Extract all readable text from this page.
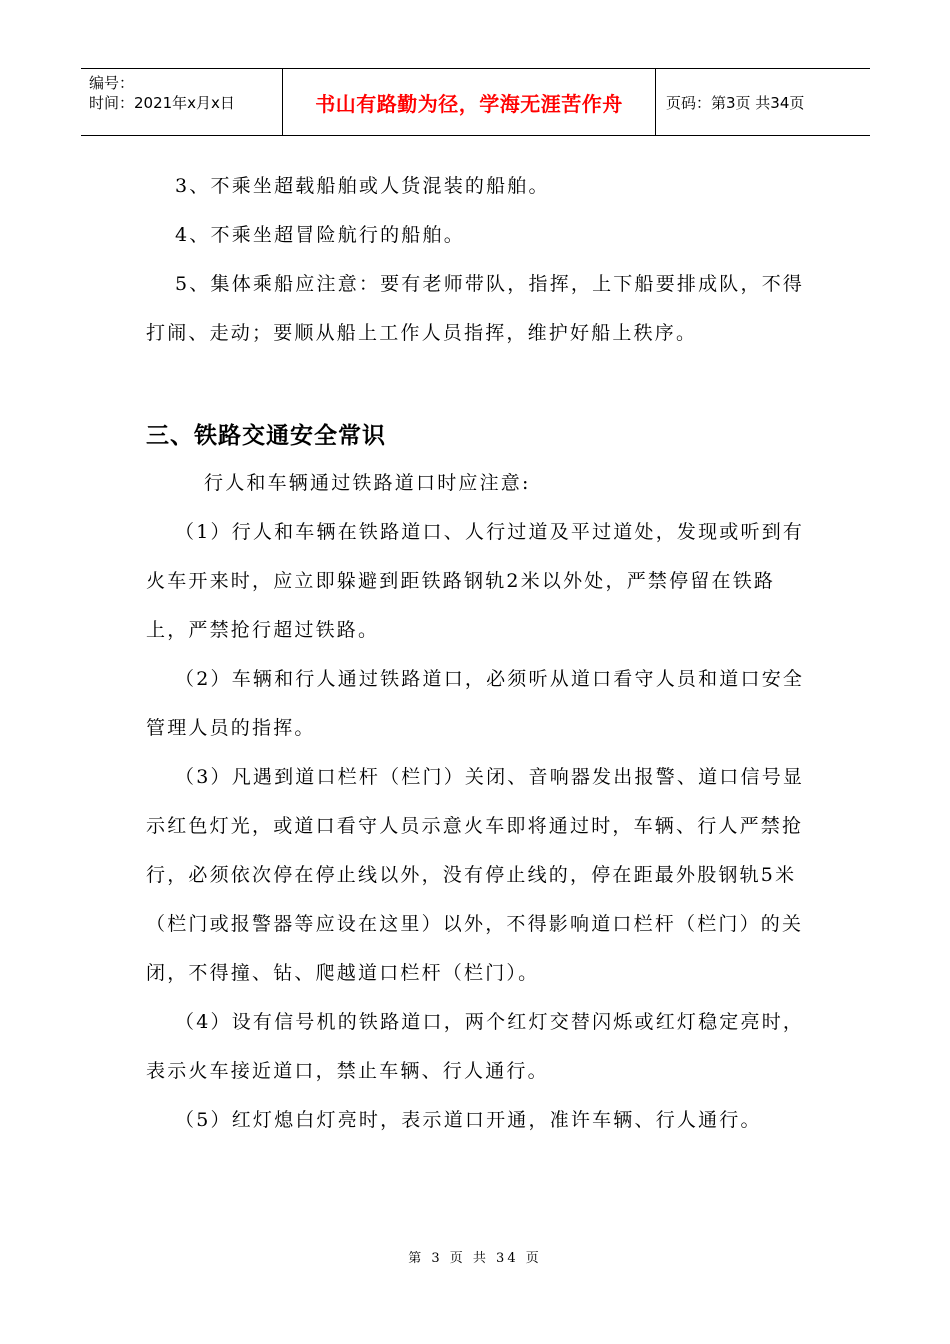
编号：
时间：2021年x月x日	书山有路勤为径，学海无涯苦作舟	页码：第3页 共34页

3、不乘坐超载船舶或人货混装的船舶。

4、不乘坐超冒险航行的船舶。

5、集体乘船应注意：要有老师带队，指挥，上下船要排成队，不得打闹、走动；要顺从船上工作人员指挥，维护好船上秩序。

三、铁路交通安全常识

行人和车辆通过铁路道口时应注意:

（1）行人和车辆在铁路道口、人行过道及平过道处，发现或听到有火车开来时，应立即躲避到距铁路钢轨2米以外处，严禁停留在铁路上，严禁抢行超过铁路。

（2）车辆和行人通过铁路道口，必须听从道口看守人员和道口安全管理人员的指挥。

（3）凡遇到道口栏杆（栏门）关闭、音响器发出报警、道口信号显示红色灯光，或道口看守人员示意火车即将通过时，车辆、行人严禁抢行，必须依次停在停止线以外，没有停止线的，停在距最外股钢轨5米（栏门或报警器等应设在这里）以外，不得影响道口栏杆（栏门）的关闭，不得撞、钻、爬越道口栏杆（栏门）。

（4）设有信号机的铁路道口，两个红灯交替闪烁或红灯稳定亮时，表示火车接近道口，禁止车辆、行人通行。

（5）红灯熄白灯亮时，表示道口开通，准许车辆、行人通行。

第 3 页 共 34 页
